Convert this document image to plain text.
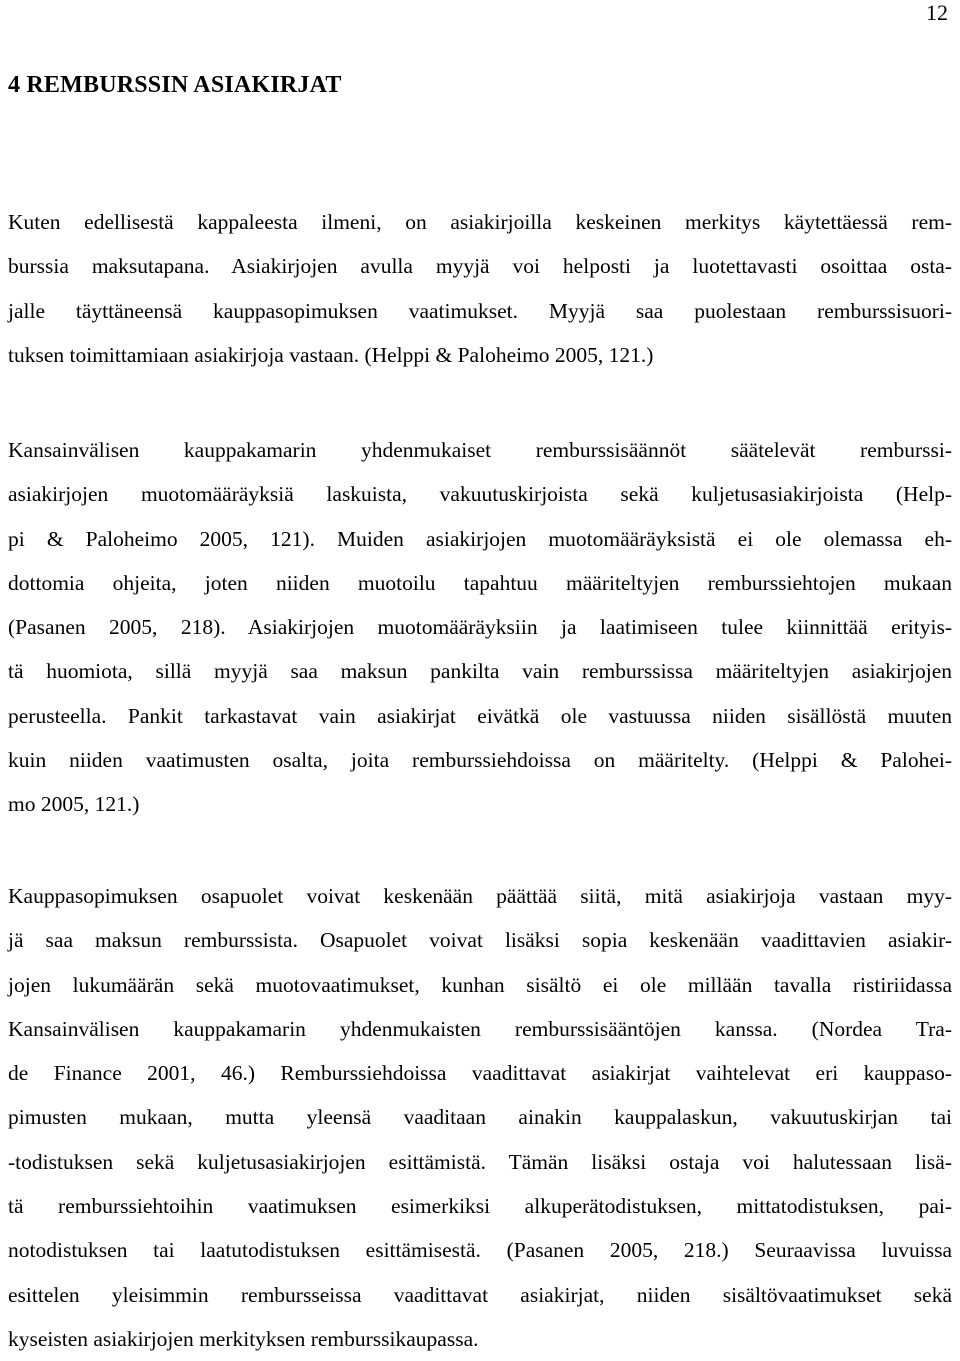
12
4 REMBURSSIN ASIAKIRJAT

Kuten edellisestä kappaleesta ilmeni, on asiakirjoilla keskeinen merkitys käytettäessä rem-
burssia maksutapana. Asiakirjojen avulla myyjä voi helposti ja luotettavasti osoittaa osta-
jalle täyttäneensä kauppasopimuksen vaatimukset. Myyjä saa puolestaan remburssisuori-
tuksen toimittamiaan asiakirjoja vastaan. (Helppi & Paloheimo 2005, 121.)

Kansainvälisen kauppakamarin yhdenmukaiset remburssisäännöt säätelevät remburssi-
asiakirjojen muotomääräyksiä laskuista, vakuutuskirjoista sekä kuljetusasiakirjoista (Help-
pi & Paloheimo 2005, 121). Muiden asiakirjojen muotomääräyksistä ei ole olemassa eh-
dottomia ohjeita, joten niiden muotoilu tapahtuu määriteltyjen remburssiehtojen mukaan
(Pasanen 2005, 218). Asiakirjojen muotomääräyksiin ja laatimiseen tulee kiinnittää erityis-
tä huomiota, sillä myyjä saa maksun pankilta vain remburssissa määriteltyjen asiakirjojen
perusteella. Pankit tarkastavat vain asiakirjat eivätkä ole vastuussa niiden sisällöstä muuten
kuin niiden vaatimusten osalta, joita remburssiehdoissa on määritelty. (Helppi & Palohei-
mo 2005, 121.)

Kauppasopimuksen osapuolet voivat keskenään päättää siitä, mitä asiakirjoja vastaan myy-
jä saa maksun remburssista. Osapuolet voivat lisäksi sopia keskenään vaadittavien asiakir-
jojen lukumäärän sekä muotovaatimukset, kunhan sisältö ei ole millään tavalla ristiriidassa
Kansainvälisen kauppakamarin yhdenmukaisten remburssisääntöjen kanssa. (Nordea Tra-
de Finance 2001, 46.) Remburssiehdoissa vaadittavat asiakirjat vaihtelevat eri kauppaso-
pimusten mukaan, mutta yleensä vaaditaan ainakin kauppalaskun, vakuutuskirjan tai
-todistuksen sekä kuljetusasiakirjojen esittämistä. Tämän lisäksi ostaja voi halutessaan lisä-
tä remburssiehtoihin vaatimuksen esimerkiksi alkuperätodistuksen, mittatodistuksen, pai-
notodistuksen tai laatutodistuksen esittämisestä. (Pasanen 2005, 218.) Seuraavissa luvuissa
esittelen yleisimmin rembursseissa vaadittavat asiakirjat, niiden sisältövaatimukset sekä
kyseisten asiakirjojen merkityksen remburssikaupassa.
